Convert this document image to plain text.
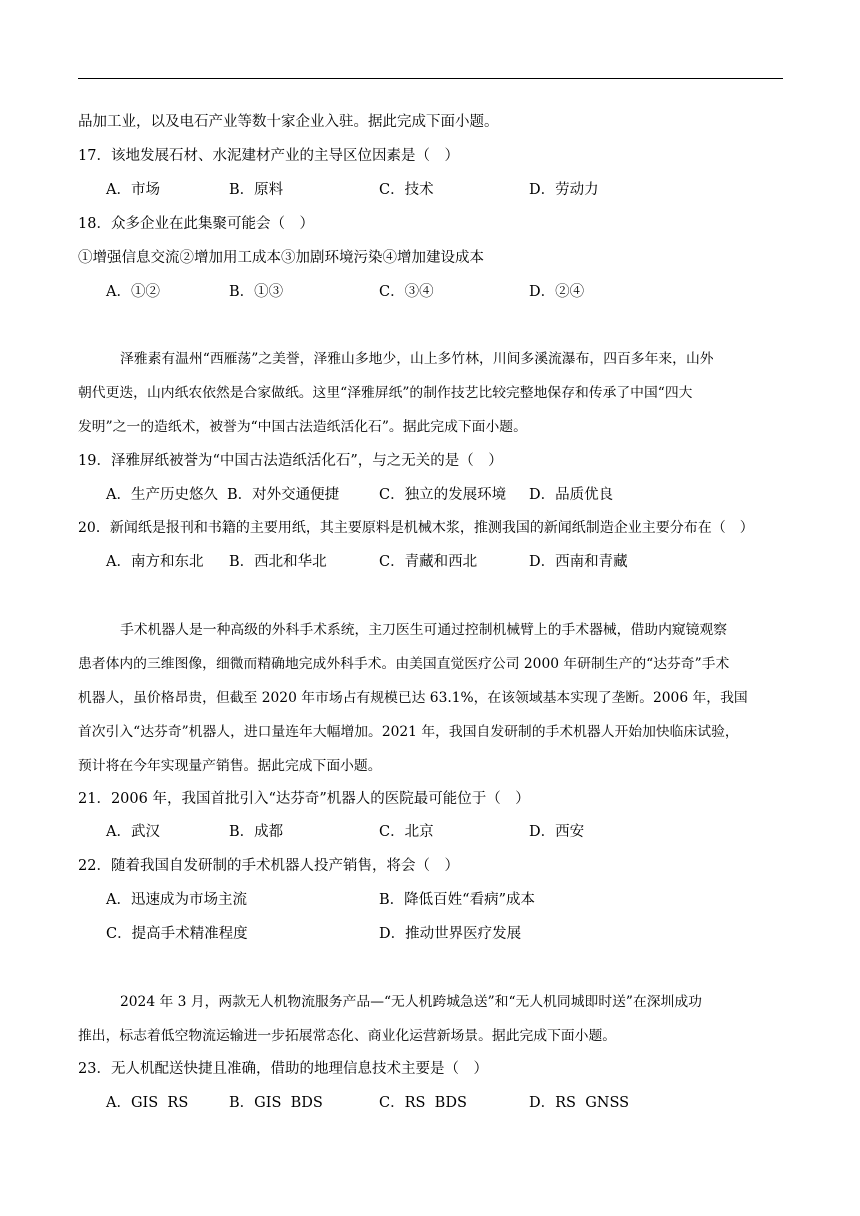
品加工业，以及电石产业等数十家企业入驻。据此完成下面小题。
17．该地发展石材、水泥建材产业的主导区位因素是（　）
A．市场	B．原料	C．技术	D．劳动力
18．众多企业在此集聚可能会（　）
①增强信息交流②增加用工成本③加剧环境污染④增加建设成本
A．①②	B．①③	C．③④	D．②④
泽雅素有温州“西雁荡”之美誉，泽雅山多地少，山上多竹林，川间多溪流瀑布，四百多年来，山外
朝代更迭，山内纸农依然是合家做纸。这里“泽雅屏纸”的制作技艺比较完整地保存和传承了中国“四大
发明”之一的造纸术，被誉为“中国古法造纸活化石”。据此完成下面小题。
19．泽雅屏纸被誉为“中国古法造纸活化石”，与之无关的是（　）
A．生产历史悠久 B．对外交通便捷	C．独立的发展环境 D．品质优良
20．新闻纸是报刊和书籍的主要用纸，其主要原料是机械木浆，推测我国的新闻纸制造企业主要分布在（　）
A．南方和东北 B．西北和华北	C．青藏和西北	D．西南和青藏
手术机器人是一种高级的外科手术系统，主刀医生可通过控制机械臂上的手术器械，借助内窥镜观察
患者体内的三维图像，细微而精确地完成外科手术。由美国直觉医疗公司 2000 年研制生产的“达芬奇”手术
机器人，虽价格昂贵，但截至 2020 年市场占有规模已达 63.1%，在该领域基本实现了垄断。2006 年，我国
首次引入“达芬奇”机器人，进口量连年大幅增加。2021 年，我国自发研制的手术机器人开始加快临床试验，
预计将在今年实现量产销售。据此完成下面小题。
21．2006 年，我国首批引入“达芬奇”机器人的医院最可能位于（　）
A．武汉	B．成都	C．北京	D．西安
22．随着我国自发研制的手术机器人投产销售，将会（　）
A．迅速成为市场主流	B．降低百姓“看病”成本
C．提高手术精准程度	D．推动世界医疗发展
2024 年 3 月，两款无人机物流服务产品—“无人机跨城急送”和“无人机同城即时送”在深圳成功
推出，标志着低空物流运输进一步拓展常态化、商业化运营新场景。据此完成下面小题。
23．无人机配送快捷且准确，借助的地理信息技术主要是（　）
A．GIS  RS	B．GIS  BDS	C．RS  BDS	D．RS  GNSS
